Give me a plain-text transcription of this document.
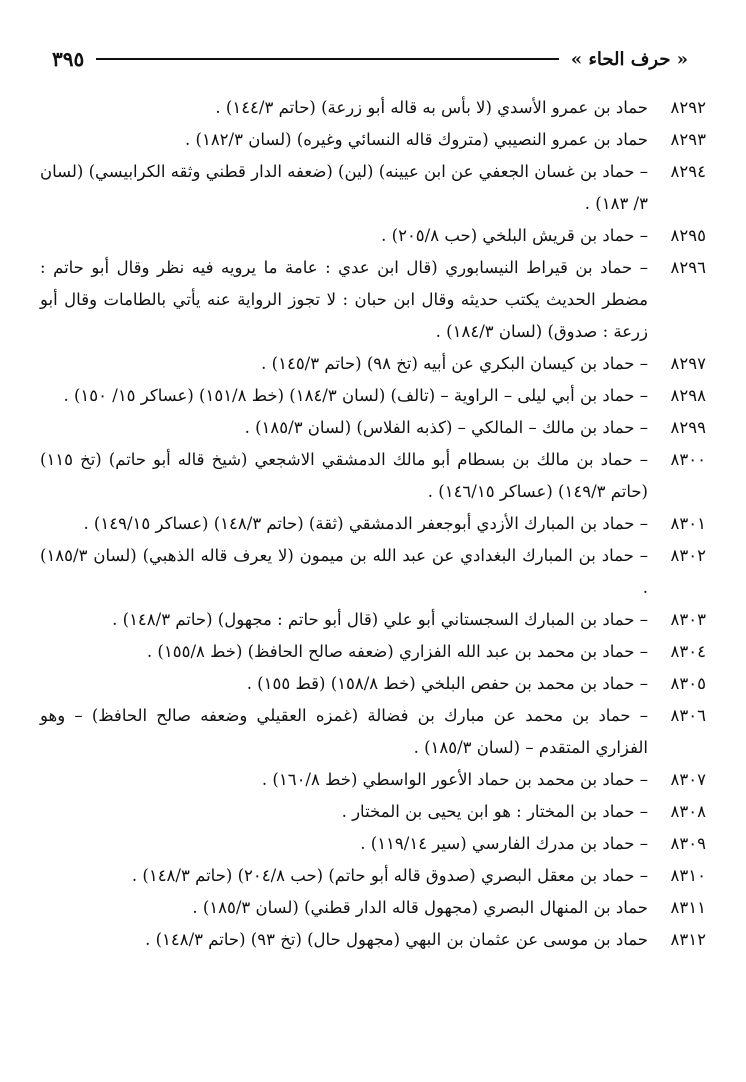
« حرف الحاء »
٣٩٥
٨٢٩٢
حماد بن عمرو الأسدي (لا بأس به قاله أبو زرعة) (حاتم ١٤٤/٣) .
٨٢٩٣
حماد بن عمرو النصيبي (متروك قاله النسائي وغيره) (لسان ١٨٢/٣) .
٨٢٩٤
– حماد بن غسان الجعفي عن ابن عيينه) (لين) (ضعفه الدار قطني وثقه الكرابيسي) (لسان ٣/ ١٨٣) .
٨٢٩٥
– حماد بن قريش البلخي (حب ٢٠٥/٨) .
٨٢٩٦
– حماد بن قيراط النيسابوري (قال ابن عدي : عامة ما يرويه فيه نظر وقال أبو حاتم : مضطر الحديث يكتب حديثه وقال ابن حبان : لا تجوز الرواية عنه يأتي بالطامات وقال أبو زرعة : صدوق) (لسان ١٨٤/٣) .
٨٢٩٧
– حماد بن كيسان البكري عن أبيه (تخ ٩٨) (حاتم ١٤٥/٣) .
٨٢٩٨
– حماد بن أبي ليلى – الراوية – (تالف) (لسان ١٨٤/٣) (خط ١٥١/٨) (عساكر ١٥/ ١٥٠) .
٨٢٩٩
– حماد بن مالك – المالكي – (كذبه الفلاس) (لسان ١٨٥/٣) .
٨٣٠٠
– حماد بن مالك بن بسطام أبو مالك الدمشقي الاشجعي (شيخ قاله أبو حاتم) (تخ ١١٥) (حاتم ١٤٩/٣) (عساكر ١٤٦/١٥) .
٨٣٠١
– حماد بن المبارك الأزدي أبوجعفر الدمشقي (ثقة) (حاتم ١٤٨/٣) (عساكر ١٤٩/١٥) .
٨٣٠٢
– حماد بن المبارك البغدادي عن عبد الله بن ميمون (لا يعرف قاله الذهبي) (لسان ١٨٥/٣) .
٨٣٠٣
– حماد بن المبارك السجستاني أبو علي (قال أبو حاتم : مجهول) (حاتم ١٤٨/٣) .
٨٣٠٤
– حماد بن محمد بن عبد الله الفزاري (ضعفه صالح الحافظ) (خط ١٥٥/٨) .
٨٣٠٥
– حماد بن محمد بن حفص البلخي (خط ١٥٨/٨) (قط ١٥٥) .
٨٣٠٦
– حماد بن محمد عن مبارك بن فضالة (غمزه العقيلي وضعفه صالح الحافظ) – وهو الفزاري المتقدم – (لسان ١٨٥/٣) .
٨٣٠٧
– حماد بن محمد بن حماد الأعور الواسطي (خط ١٦٠/٨) .
٨٣٠٨
– حماد بن المختار : هو ابن يحيى بن المختار .
٨٣٠٩
– حماد بن مدرك الفارسي (سير ١١٩/١٤) .
٨٣١٠
– حماد بن معقل البصري (صدوق قاله أبو حاتم) (حب ٢٠٤/٨) (حاتم ١٤٨/٣) .
٨٣١١
حماد بن المنهال البصري (مجهول قاله الدار قطني) (لسان ١٨٥/٣) .
٨٣١٢
حماد بن موسى عن عثمان بن البهي (مجهول حال) (تخ ٩٣) (حاتم ١٤٨/٣) .
